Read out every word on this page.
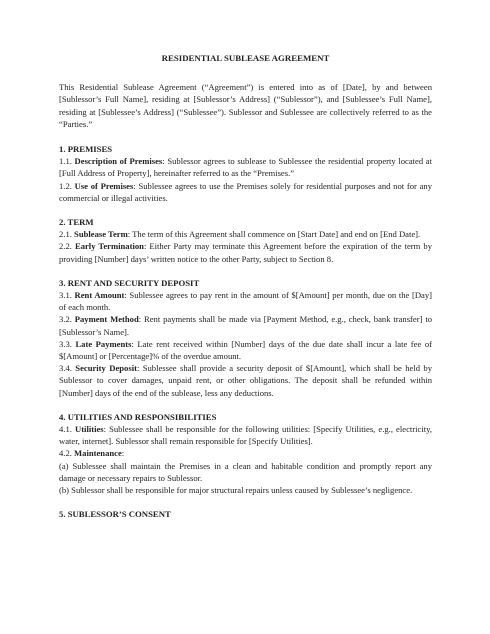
RESIDENTIAL SUBLEASE AGREEMENT

This Residential Sublease Agreement (“Agreement”) is entered into as of [Date], by and between [Sublessor’s Full Name], residing at [Sublessor’s Address] (“Sublessor”), and [Sublessee’s Full Name], residing at [Sublessee’s Address] (“Sublessee”). Sublessor and Sublessee are collectively referred to as the “Parties.”

1. PREMISES

1.1. Description of Premises: Sublessor agrees to sublease to Sublessee the residential property located at [Full Address of Property], hereinafter referred to as the “Premises.”

1.2. Use of Premises: Sublessee agrees to use the Premises solely for residential purposes and not for any commercial or illegal activities.

2. TERM

2.1. Sublease Term: The term of this Agreement shall commence on [Start Date] and end on [End Date].

2.2. Early Termination: Either Party may terminate this Agreement before the expiration of the term by providing [Number] days’ written notice to the other Party, subject to Section 8.

3. RENT AND SECURITY DEPOSIT

3.1. Rent Amount: Sublessee agrees to pay rent in the amount of $[Amount] per month, due on the [Day] of each month.

3.2. Payment Method: Rent payments shall be made via [Payment Method, e.g., check, bank transfer] to [Sublessor’s Name].

3.3. Late Payments: Late rent received within [Number] days of the due date shall incur a late fee of $[Amount] or [Percentage]% of the overdue amount.

3.4. Security Deposit: Sublessee shall provide a security deposit of $[Amount], which shall be held by Sublessor to cover damages, unpaid rent, or other obligations. The deposit shall be refunded within [Number] days of the end of the sublease, less any deductions.

4. UTILITIES AND RESPONSIBILITIES

4.1. Utilities: Sublessee shall be responsible for the following utilities: [Specify Utilities, e.g., electricity, water, internet]. Sublessor shall remain responsible for [Specify Utilities].

4.2. Maintenance:

(a) Sublessee shall maintain the Premises in a clean and habitable condition and promptly report any damage or necessary repairs to Sublessor.

(b) Sublessor shall be responsible for major structural repairs unless caused by Sublessee’s negligence.

5. SUBLESSOR’S CONSENT
